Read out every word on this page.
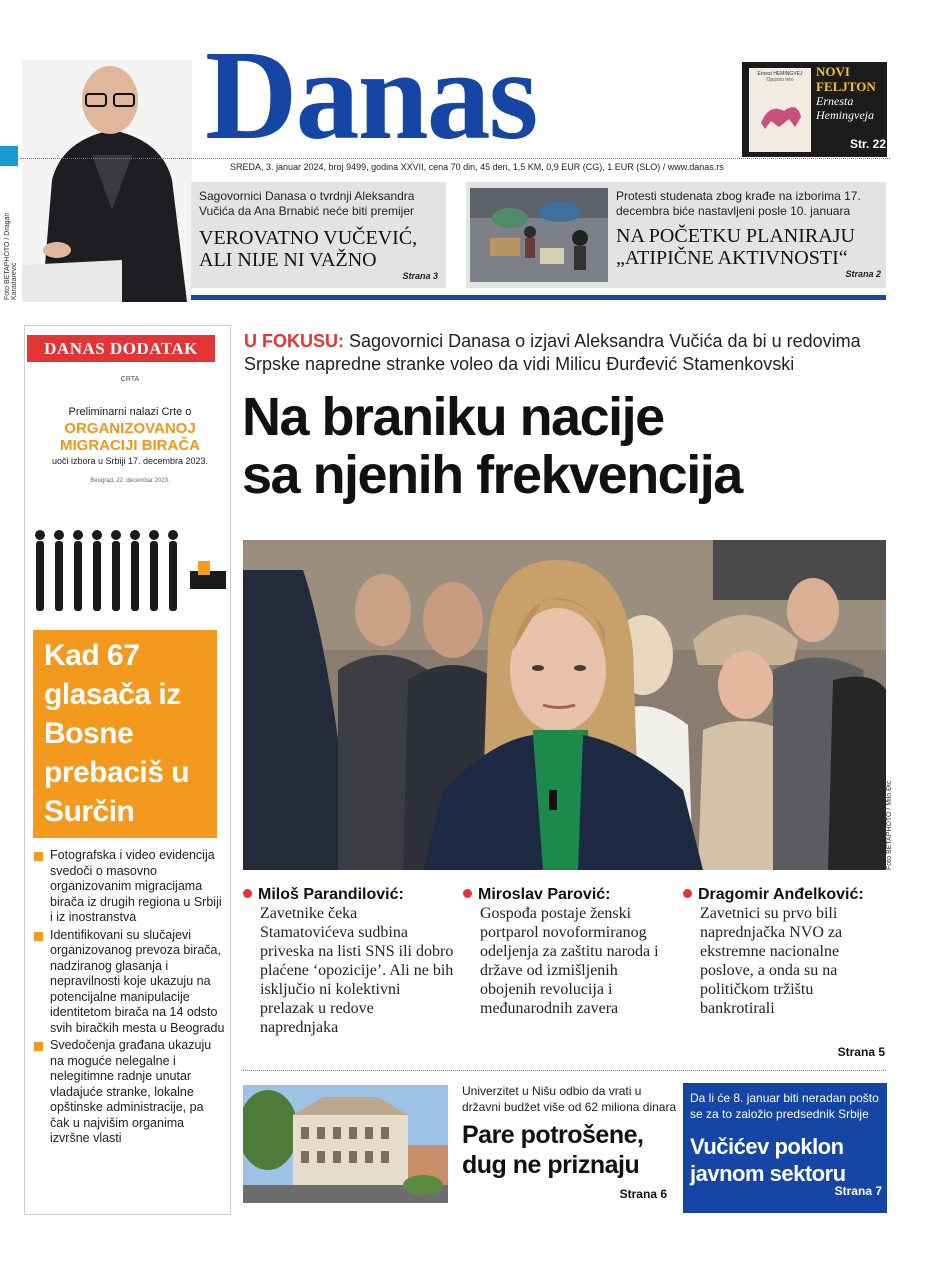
Foto BETAPHOTO / Dragan Karadarević
Danas	Ernest HEMINGVEJ
Opasno leto
NOVI
FELJTON
Ernesta
Hemingveja
Str. 22
SREDA, 3. januar 2024, broj 9499, godina XXVII, cena 70 din, 45 den, 1,5 KM, 0,9 EUR (CG), 1 EUR (SLO) / www.danas.rs
Sagovornici Danasa o tvrdnji Aleksandra Vučića da Ana Brnabić neće biti premijer
VEROVATNO VUČEVIĆ, ALI NIJE NI VAŽNO
Strana 3
Protesti studenata zbog krađe na izborima 17. decembra biće nastavljeni posle 10. januara
NA POČETKU PLANIRAJU „ATIPIČNE AKTIVNOSTI“
Strana 2
DANAS DODATAK
CRTA
Preliminarni nalazi Crte o
ORGANIZOVANOJ MIGRACIJI BIRAČA
uoči izbora u Srbiji 17. decembra 2023.
Beograd, 22. decembar 2023.
Kad 67 glasača iz Bosne prebaciš u Surčin
Fotografska i video evidencija svedoči o masovno organizovanim migracijama birača iz drugih regiona u Srbiji i iz inostranstva
Identifikovani su slučajevi organizovanog prevoza birača, nadziranog glasanja i nepravilnosti koje ukazuju na potencijalne manipulacije identitetom birača na 14 odsto svih biračkih mesta u Beogradu
Svedočenja građana ukazuju na moguće nelegalne i nelegitimne radnje unutar vladajuće stranke, lokalne opštinske administracije, pa čak u najvišim organima izvršne vlasti
U FOKUSU: Sagovornici Danasa o izjavi Aleksandra Vučića da bi u redovima Srpske napredne stranke voleo da vidi Milicu Đurđević Stamenkovski
Na braniku nacije
sa njenih frekvencija
Foto BETAPHOTO / Milo Đić
Miloš Parandilović:
Zavetnike čeka Stamatovićeva sudbina priveska na listi SNS ili dobro plaćene ‘opozicije’. Ali ne bih isključio ni kolektivni prelazak u redove naprednjaka
Miroslav Parović:
Gospođa postaje ženski portparol novoformiranog odeljenja za zaštitu naroda i države od izmišljenih obojenih revolucija i međunarodnih zavera
Dragomir Anđelković:
Zavetnici su prvo bili naprednjačka NVO za ekstremne nacionalne poslove, a onda su na političkom tržištu bankrotirali
Strana 5
Univerzitet u Nišu odbio da vrati u državni budžet više od 62 miliona dinara
Pare potrošene, dug ne priznaju
Strana 6
Da li će 8. januar biti neradan pošto se za to založio predsednik Srbije
Vučićev poklon javnom sektoru
Strana 7
